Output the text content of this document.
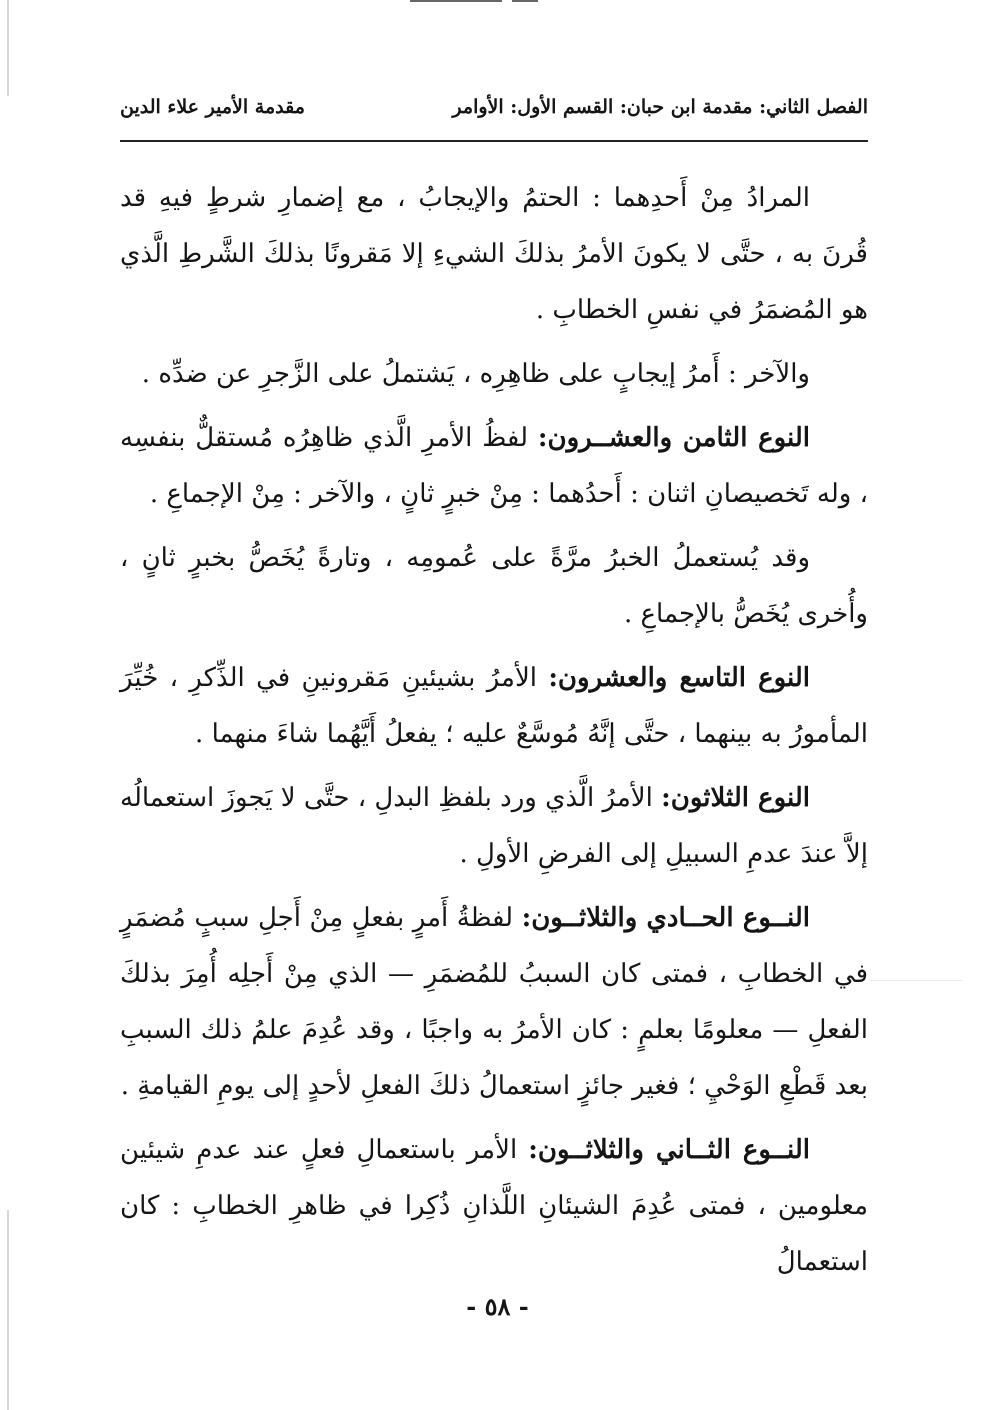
الفصل الثاني: مقدمة ابن حبان: القسم الأول: الأوامر
مقدمة الأمير علاء الدين

المرادُ مِنْ أَحدِهما : الحتمُ والإيجابُ ، مع إضمارِ شرطٍ فيهِ قد قُرنَ به ، حتَّى لا يكونَ الأمرُ بذلكَ الشيءِ إلا مَقرونًا بذلكَ الشَّرطِ الَّذي هو المُضمَرُ في نفسِ الخطابِ .

والآخر : أَمرُ إيجابٍ على ظاهِرِه ، يَشتملُ على الزَّجرِ عن ضدِّه .

النوع الثامن والعشــرون: لفظُ الأمرِ الَّذي ظاهِرُه مُستقلٌّ بنفسِه ، وله تَخصيصانِ اثنان : أَحدُهما : مِنْ خبرٍ ثانٍ ، والآخر : مِنْ الإجماعِ .

وقد يُستعملُ الخبرُ مرَّةً على عُمومِه ، وتارةً يُخَصُّ بخبرٍ ثانٍ ، وأُخرى يُخَصُّ بالإجماعِ .

النوع التاسع والعشرون: الأمرُ بشيئينِ مَقرونينِ في الذِّكرِ ، خُيِّرَ المأمورُ به بينهما ، حتَّى إنَّهُ مُوسَّعٌ عليه ؛ يفعلُ أَيَّهُما شاءَ منهما .

النوع الثلاثون: الأمرُ الَّذي ورد بلفظِ البدلِ ، حتَّى لا يَجوزَ استعمالُه إلاَّ عندَ عدمِ السبيلِ إلى الفرضِ الأولِ .

النــوع الحــادي والثلاثــون: لفظةُ أَمرٍ بفعلٍ مِنْ أَجلِ سببٍ مُضمَرٍ في الخطابِ ، فمتى كان السببُ للمُضمَرِ — الذي مِنْ أَجلِه أُمِرَ بذلكَ الفعلِ — معلومًا بعلمٍ : كان الأمرُ به واجبًا ، وقد عُدِمَ علمُ ذلك السببِ بعد قَطْعِ الوَحْيِ ؛ فغير جائزٍ استعمالُ ذلكَ الفعلِ لأحدٍ إلى يومِ القيامةِ .

النــوع الثــاني والثلاثــون: الأمر باستعمالِ فعلٍ عند عدمِ شيئين معلومين ، فمتى عُدِمَ الشيئانِ اللَّذانِ ذُكِرا في ظاهرِ الخطابِ : كان استعمالُ

- ٥٨ -
